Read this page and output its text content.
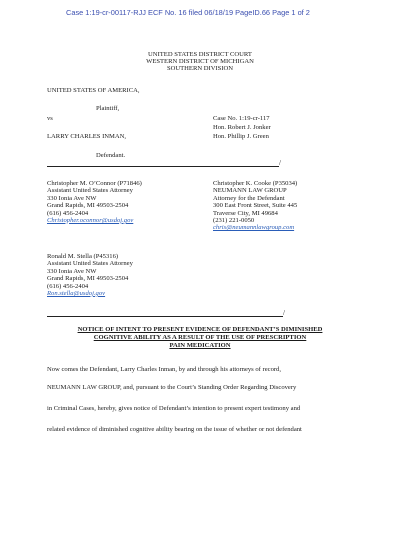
Case 1:19-cr-00117-RJJ ECF No. 16 filed 06/18/19 PageID.66 Page 1 of 2
UNITED STATES DISTRICT COURT
WESTERN DISTRICT OF MICHIGAN
SOUTHERN DIVISION
UNITED STATES OF AMERICA,
Plaintiff,
vs	Case No. 1:19-cr-117
Hon. Robert J. Jonker
LARRY CHARLES INMAN,	Hon. Phillip J. Green
Defendant.
/
Christopher M. O’Connor (P71846)
Assistant United States Attorney
330 Ionia Ave NW
Grand Rapids, MI 49503-2504
(616) 456-2404
Christopher.oconnor@usdoj.gov
Christopher K. Cooke (P35034)
NEUMANN LAW GROUP
Attorney for the Defendant
300 East Front Street, Suite 445
Traverse City, MI 49684
(231) 221-0050
chris@neumannlawgroup.com
Ronald M. Stella (P45316)
Assistant United States Attorney
330 Ionia Ave NW
Grand Rapids, MI 49503-2504
(616) 456-2404
Ron.stella@usdoj.gov
/
NOTICE OF INTENT TO PRESENT EVIDENCE OF DEFENDANT’S DIMINISHED
COGNITIVE ABILITY AS A RESULT OF THE USE OF PRESCRIPTION
PAIN MEDICATION
Now comes the Defendant, Larry Charles Inman, by and through his attorneys of record,
NEUMANN LAW GROUP, and, pursuant to the Court’s Standing Order Regarding Discovery
in Criminal Cases, hereby, gives notice of Defendant’s intention to present expert testimony and
related evidence of diminished cognitive ability bearing on the issue of whether or not defendant
